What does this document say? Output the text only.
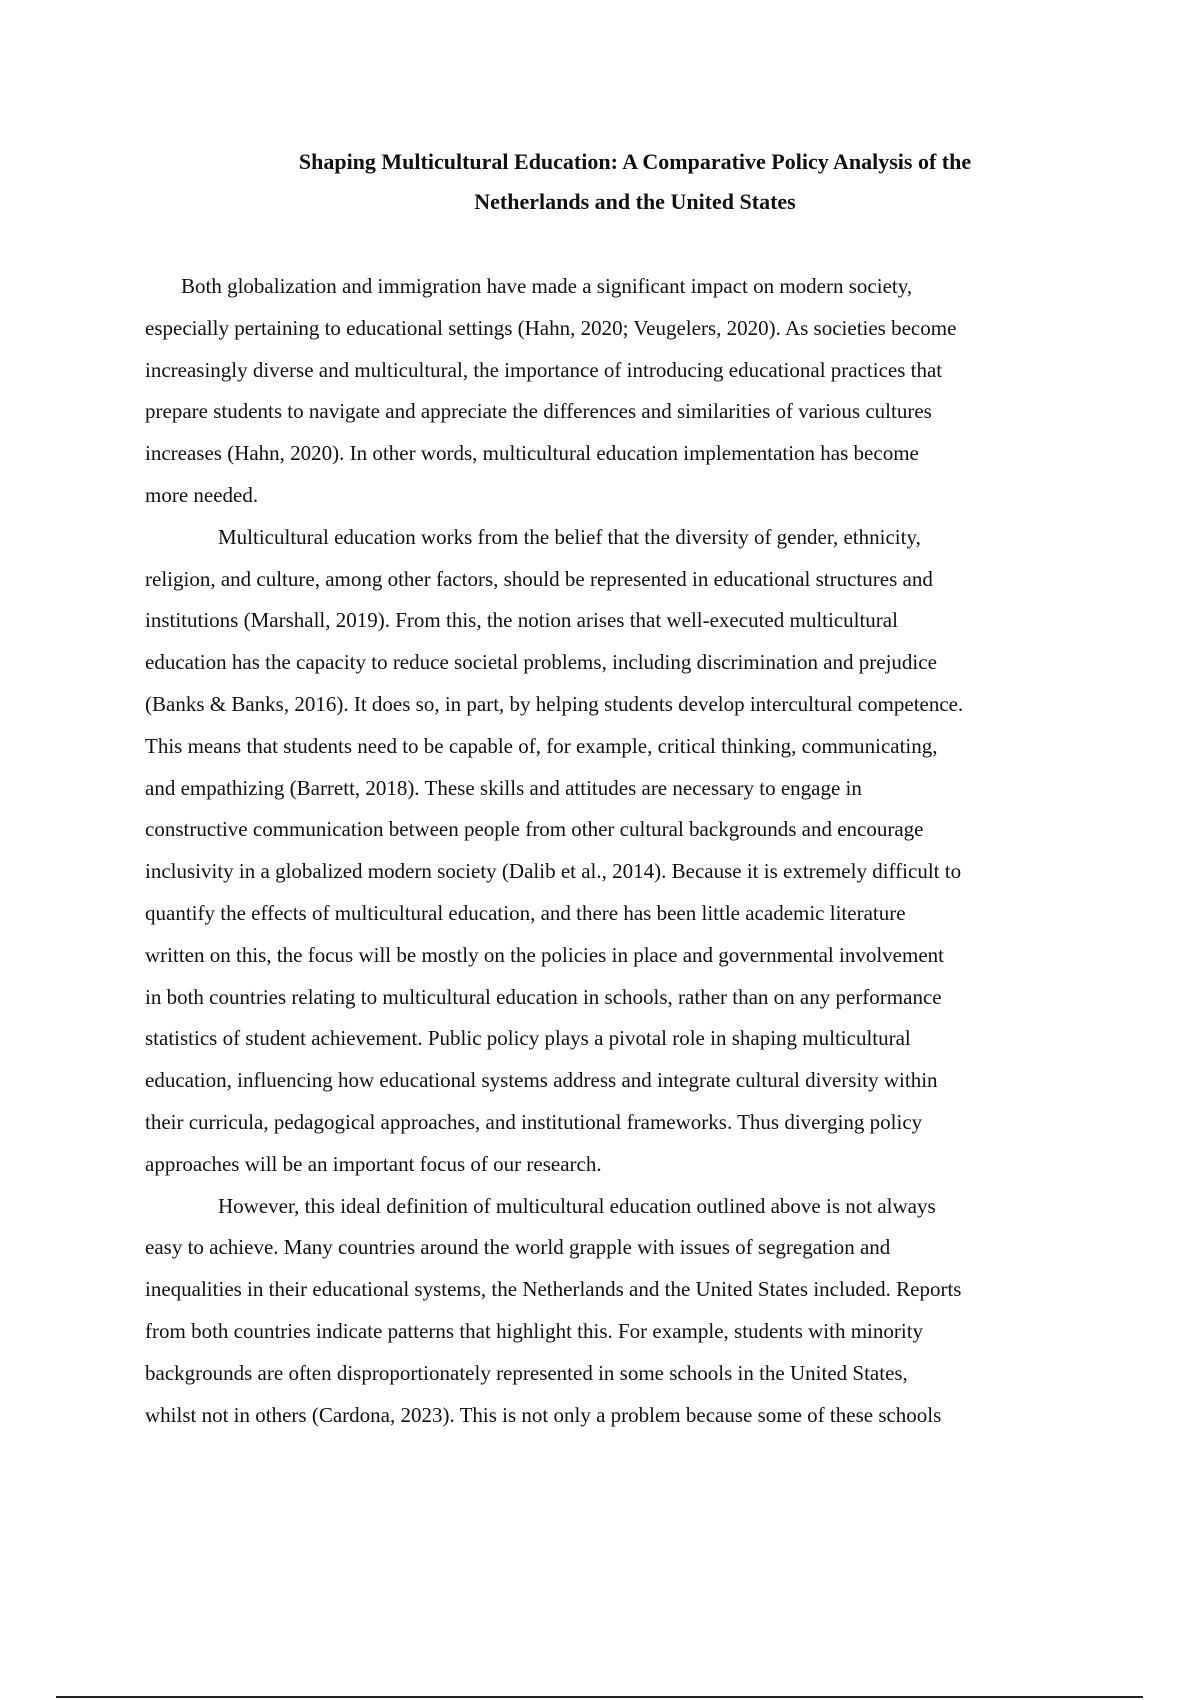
Shaping Multicultural Education: A Comparative Policy Analysis of the
Netherlands and the United States

Both globalization and immigration have made a significant impact on modern society,
especially pertaining to educational settings (Hahn, 2020; Veugelers, 2020). As societies become
increasingly diverse and multicultural, the importance of introducing educational practices that
prepare students to navigate and appreciate the differences and similarities of various cultures
increases (Hahn, 2020). In other words, multicultural education implementation has become
more needed.

Multicultural education works from the belief that the diversity of gender, ethnicity,
religion, and culture, among other factors, should be represented in educational structures and
institutions (Marshall, 2019). From this, the notion arises that well-executed multicultural
education has the capacity to reduce societal problems, including discrimination and prejudice
(Banks & Banks, 2016). It does so, in part, by helping students develop intercultural competence.
This means that students need to be capable of, for example, critical thinking, communicating,
and empathizing (Barrett, 2018). These skills and attitudes are necessary to engage in
constructive communication between people from other cultural backgrounds and encourage
inclusivity in a globalized modern society (Dalib et al., 2014). Because it is extremely difficult to
quantify the effects of multicultural education, and there has been little academic literature
written on this, the focus will be mostly on the policies in place and governmental involvement
in both countries relating to multicultural education in schools, rather than on any performance
statistics of student achievement. Public policy plays a pivotal role in shaping multicultural
education, influencing how educational systems address and integrate cultural diversity within
their curricula, pedagogical approaches, and institutional frameworks. Thus diverging policy
approaches will be an important focus of our research.

However, this ideal definition of multicultural education outlined above is not always
easy to achieve. Many countries around the world grapple with issues of segregation and
inequalities in their educational systems, the Netherlands and the United States included. Reports
from both countries indicate patterns that highlight this. For example, students with minority
backgrounds are often disproportionately represented in some schools in the United States,
whilst not in others (Cardona, 2023). This is not only a problem because some of these schools
